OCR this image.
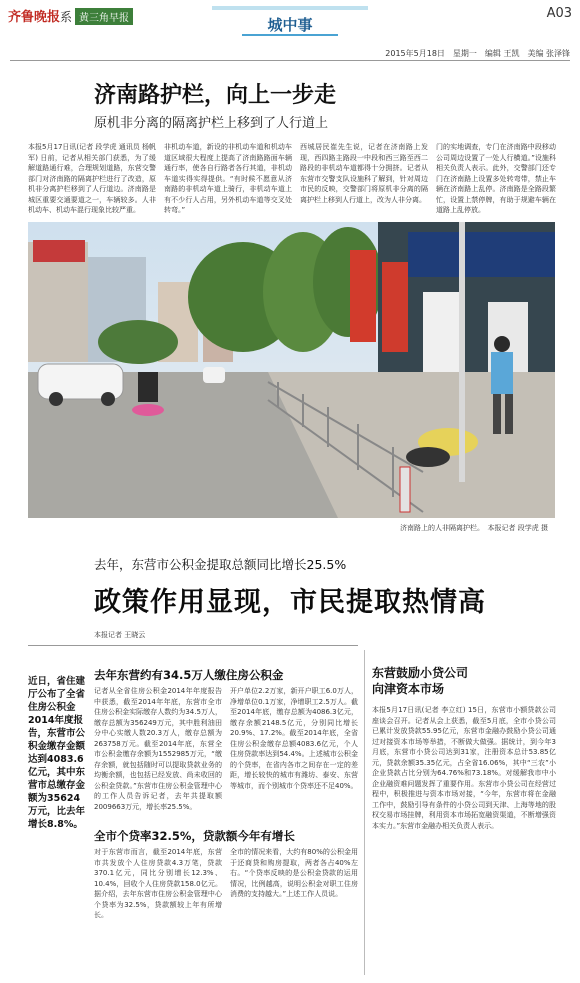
齐鲁晚报系 黄三角早报	城中事
A03
2015年5月18日　星期一　编辑 王凯　美编 张泽锋
济南路护栏，向上一步走
原机非分离的隔离护栏上移到了人行道上
本报5月17日讯(记者 段学虎 通讯员 杨帆军) 日前，记者从相关部门获悉，为了缓解道路通行难，合理规划道路，东营交警部门对济南路的隔离护栏进行了改造，原机非分离护栏移到了人行道边。济南路是城区重要交通要道之一，车辆较多。人非机动车、机动车混行现象比较严重。
非机动车道，新设的非机动车道和机动车道区域很大程度上提高了济南路路面车辆通行率，使各自行路者各行其道，非机动车道实得实得提供。“有时候不愿意从济南路的非机动车道上骑行，非机动车道上有不少行人占用，另外机动车道等交叉处转弯。”
西城居民崔先生说，记者在济南路上发现，西四路主路段一中段和西三路至西二路段的非机动车道都得十分拥挤。记者从东营市交警支队设施科了解到，针对周边市民的反映，交警部门将原机非分离的隔离护栏上移到人行道上，改为人非分离。
门的实地调查，专门在济南路中段移动公司周边设置了一处人行横道。”设施科相关负责人表示。此外，交警部门还专门在济南路上设置多处转弯带，禁止车辆在济南路上乱停。济南路是全路段繁忙，设置上禁停牌，有助于规避车辆在道路上乱停放。
济南路上的人非隔离护栏。　本报记者 段学虎 摄
去年，东营市公积金提取总额同比增长25.5%
政策作用显现，市民提取热情高
本报记者 王晓云
近日，省住建厅公布了全省住房公积金2014年度报告，东营市公积金缴存金额达到4083.6亿元，其中东营市总缴存金额为35624万元，比去年增长8.8%。
去年东营约有34.5万人缴住房公积金
记者从全省住房公积金2014年年度报告中获悉，截至2014年年底，东营市全市住房公积金实际缴存人数约为34.5万人，缴存总额为356249万元，其中胜利油田分中心实缴人数20.3万人，缴存总额为263758万元。截至2014年底，东营全市公积金缴存余额为1552985万元，“缴存余额，就包括随时可以提取贷款业务的均衡余额，也包括已经发放、尚未收回的公积金贷款。”东营市住房公积金管理中心的工作人员告诉记者，去年共提取额2009663万元，增长率25.5%。
开户单位2.2万家，新开户职工6.0万人，净增单位0.1万家，净增职工2.5万人。截至2014年底，缴存总额为4086.3亿元，缴存余额2148.5亿元，分别同比增长20.9%、17.2%。截至2014年底，全省住房公积金缴存总额4083.6亿元，个人住房贷款率达到54.4%。上述城市公积金的个贷率，在省内各市之间存在一定的差距，增长较快的城市有潍坊、泰安、东营等城市，而个别城市个贷率还不足40%。
全市个贷率32.5%，贷款额今年有增长
对于东营市而言，截至2014年底，东营市共发放个人住房贷款4.3万笔，贷款370.1亿元，同比分别增长12.3%、10.4%，回收个人住房贷款158.0亿元。据介绍，去年东营市住房公积金管理中心个贷率为32.5%，贷款额较上年有所增长。
全市的情况来看，大约有80%的公积金用于还商贷和购房提取，两者各占40%左右。“个贷率反映的是公积金贷款的运用情况，比例越高，说明公积金对职工住房消费的支持越大。”上述工作人员说。
东营鼓励小贷公司
向津资本市场
本报5月17日讯(记者 李立红) 15日，东营市小额贷款公司座谈会召开。记者从会上获悉，截至5月底，全市小贷公司已累计发放贷款55.95亿元，东营市金融办鼓励小贷公司通过对接资本市场等举措，不断做大做强。据统计，到今年3月底，东营市小贷公司达到31家，注册资本总计53.85亿元，贷款余额35.35亿元，占全省16.06%，其中“三农”小企业贷款占比分别为64.76%和73.18%。对缓解我市中小企业融资难问题发挥了重要作用。东营市小贷公司在经营过程中，积极推进与资本市场对接，“今年，东营市将在金融工作中，鼓励引导有条件的小贷公司到天津、上海等地的股权交易市场挂牌，利用资本市场拓宽融资渠道，不断增强资本实力。”东营市金融办相关负责人表示。
